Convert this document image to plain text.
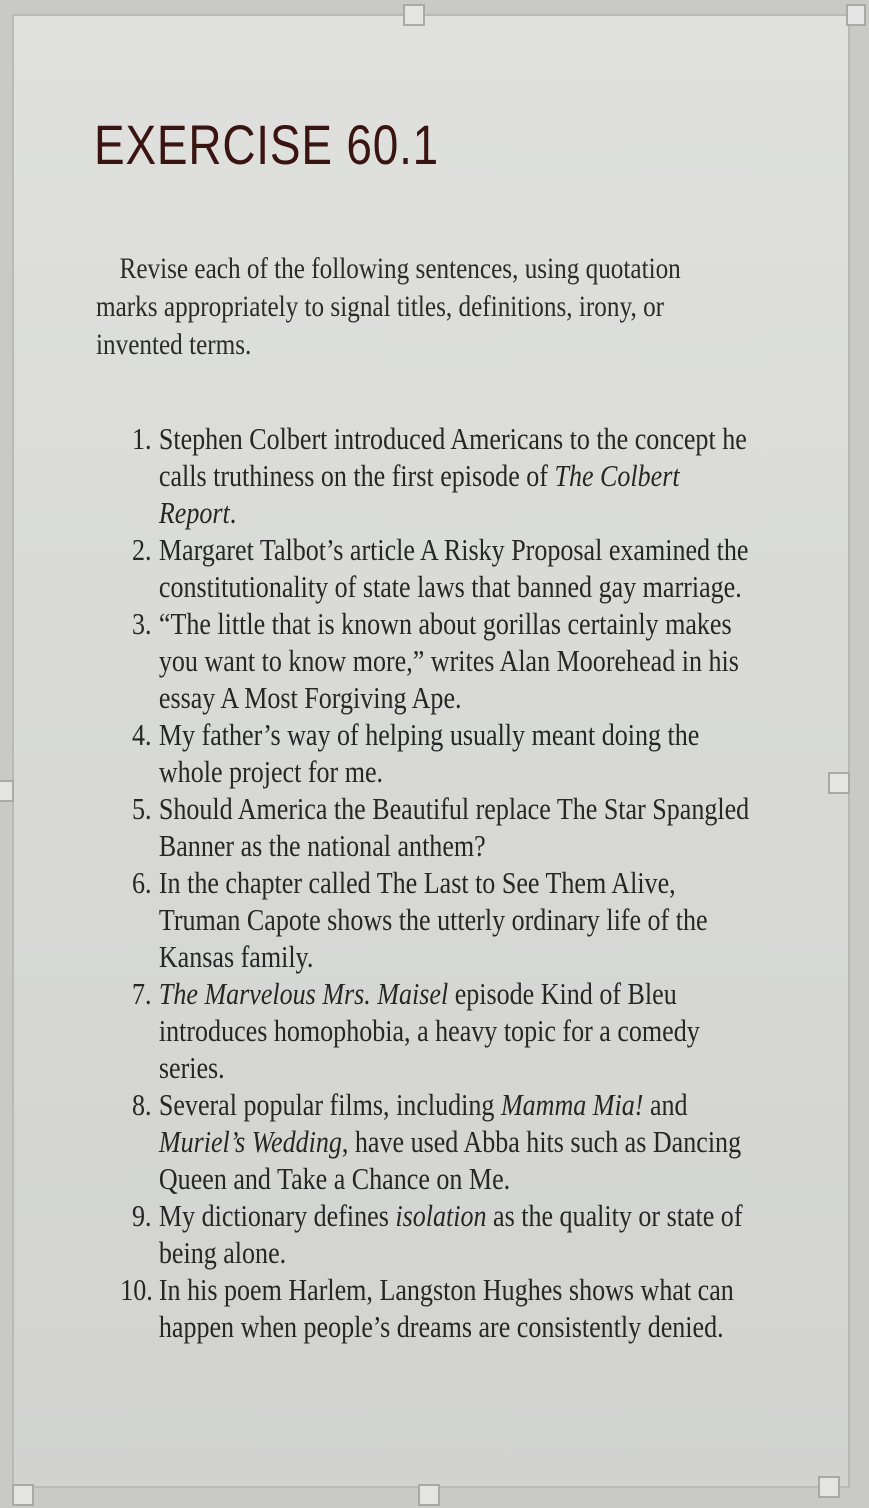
EXERCISE 60.1

Revise each of the following sentences, using quotation marks appropriately to signal titles, definitions, irony, or invented terms.

1. Stephen Colbert introduced Americans to the concept he calls truthiness on the first episode of The Colbert Report.
2. Margaret Talbot’s article A Risky Proposal examined the constitutionality of state laws that banned gay marriage.
3. “The little that is known about gorillas certainly makes you want to know more,” writes Alan Moorehead in his essay A Most Forgiving Ape.
4. My father’s way of helping usually meant doing the whole project for me.
5. Should America the Beautiful replace The Star Spangled Banner as the national anthem?
6. In the chapter called The Last to See Them Alive, Truman Capote shows the utterly ordinary life of the Kansas family.
7. The Marvelous Mrs. Maisel episode Kind of Bleu introduces homophobia, a heavy topic for a comedy series.
8. Several popular films, including Mamma Mia! and Muriel’s Wedding, have used Abba hits such as Dancing Queen and Take a Chance on Me.
9. My dictionary defines isolation as the quality or state of being alone.
10. In his poem Harlem, Langston Hughes shows what can happen when people’s dreams are consistently denied.
